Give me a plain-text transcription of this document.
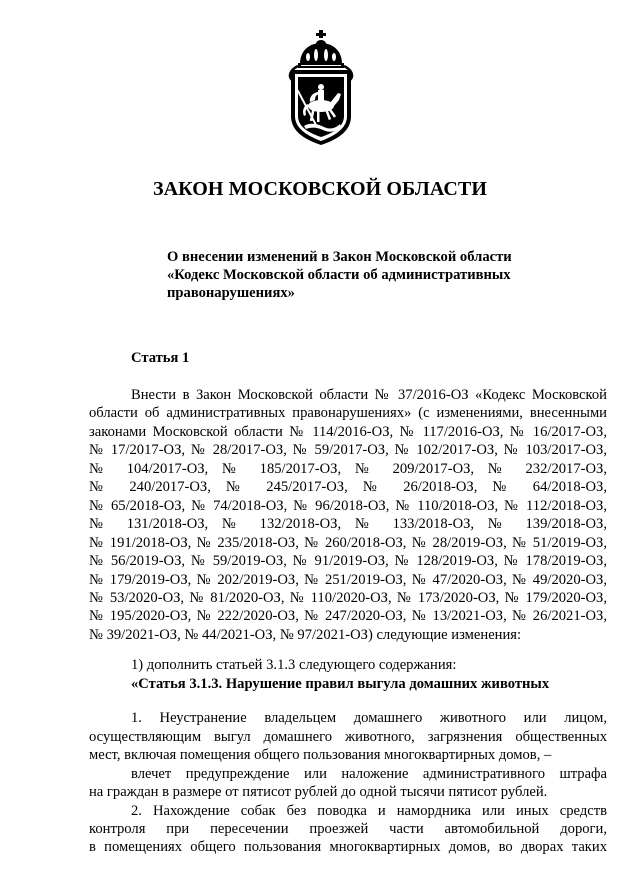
ЗАКОН МОСКОВСКОЙ ОБЛАСТИ
О внесении изменений в Закон Московской области
«Кодекс Московской области об административных
правонарушениях»
Статья 1
Внести в Закон Московской области № 37/2016-ОЗ «Кодекс Московской
области об административных правонарушениях» (с изменениями, внесенными
законами Московской области № 114/2016-ОЗ, № 117/2016-ОЗ, № 16/2017-ОЗ,
№ 17/2017-ОЗ, № 28/2017-ОЗ, № 59/2017-ОЗ, № 102/2017-ОЗ, № 103/2017-ОЗ,
№ 104/2017-ОЗ, № 185/2017-ОЗ, № 209/2017-ОЗ, № 232/2017-ОЗ,
№ 240/2017-ОЗ, № 245/2017-ОЗ, № 26/2018-ОЗ, № 64/2018-ОЗ,
№ 65/2018-ОЗ, № 74/2018-ОЗ, № 96/2018-ОЗ, № 110/2018-ОЗ, № 112/2018-ОЗ,
№ 131/2018-ОЗ, № 132/2018-ОЗ, № 133/2018-ОЗ, № 139/2018-ОЗ,
№ 191/2018-ОЗ, № 235/2018-ОЗ, № 260/2018-ОЗ, № 28/2019-ОЗ, № 51/2019-ОЗ,
№ 56/2019-ОЗ, № 59/2019-ОЗ, № 91/2019-ОЗ, № 128/2019-ОЗ, № 178/2019-ОЗ,
№ 179/2019-ОЗ, № 202/2019-ОЗ, № 251/2019-ОЗ, № 47/2020-ОЗ, № 49/2020-ОЗ,
№ 53/2020-ОЗ, № 81/2020-ОЗ, № 110/2020-ОЗ, № 173/2020-ОЗ, № 179/2020-ОЗ,
№ 195/2020-ОЗ, № 222/2020-ОЗ, № 247/2020-ОЗ, № 13/2021-ОЗ, № 26/2021-ОЗ,
№ 39/2021-ОЗ, № 44/2021-ОЗ, № 97/2021-ОЗ) следующие изменения:
1) дополнить статьей 3.1.3 следующего содержания:
«Статья 3.1.3. Нарушение правил выгула домашних животных
1. Неустранение владельцем домашнего животного или лицом,
осуществляющим выгул домашнего животного, загрязнения общественных
мест, включая помещения общего пользования многоквартирных домов, –
влечет предупреждение или наложение административного штрафа
на граждан в размере от пятисот рублей до одной тысячи пятисот рублей.
2. Нахождение собак без поводка и намордника или иных средств
контроля при пересечении проезжей части автомобильной дороги,
в помещениях общего пользования многоквартирных домов, во дворах таких
